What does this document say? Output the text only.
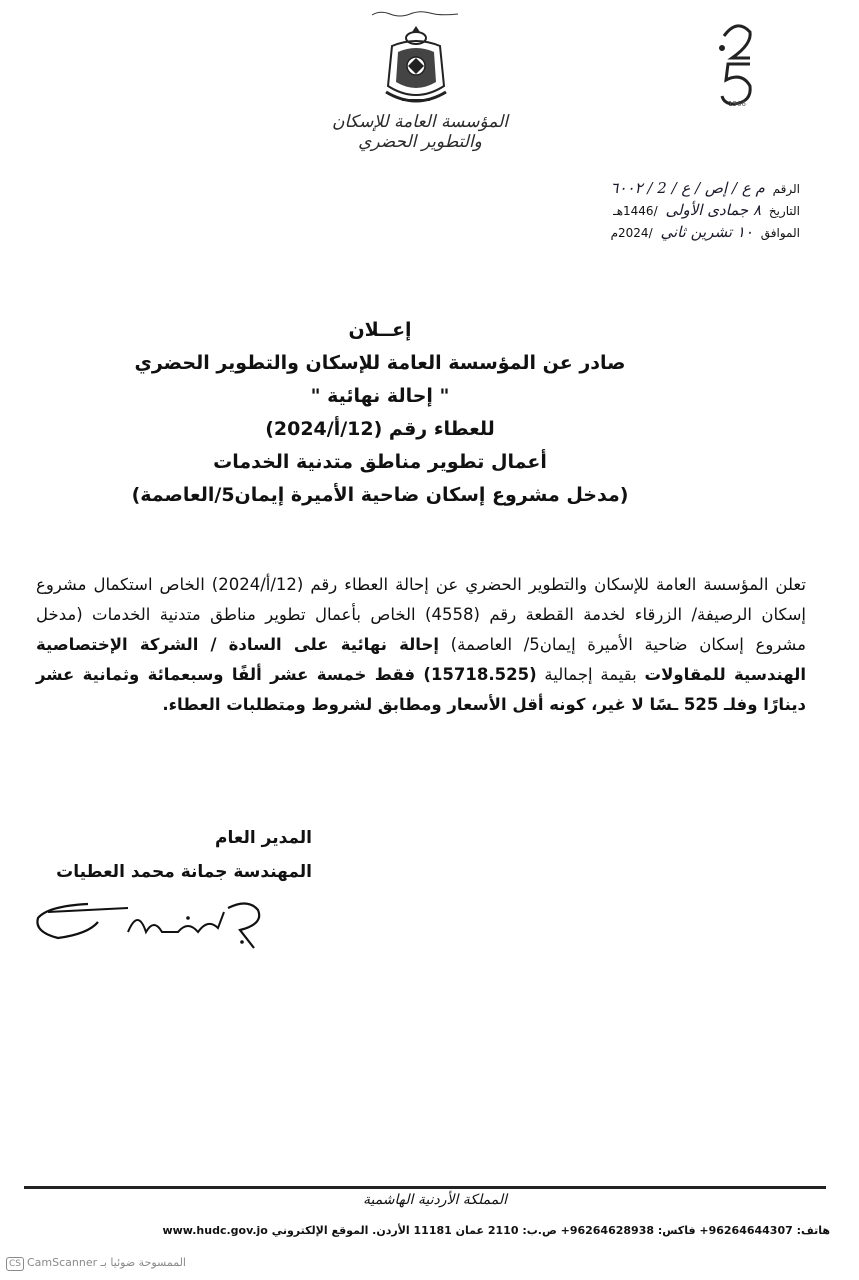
المؤسسة العامة للإسكان والتطوير الحضري
1966
الرقم م ع / إص / ع / 2 / ٦٠٠٢
التاريخ ٨ جمادى الأولى /1446هـ
الموافق ١٠ تشرين ثاني /2024م
إعــلان
صادر عن المؤسسة العامة للإسكان والتطوير الحضري
" إحالة نهائية "
للعطاء رقم (12/أ/2024)
أعمال تطوير مناطق متدنية الخدمات
(مدخل مشروع إسكان ضاحية الأميرة إيمان5/العاصمة)
تعلن المؤسسة العامة للإسكان والتطوير الحضري عن إحالة العطاء رقم (12/أ/2024) الخاص استكمال مشروع إسكان الرصيفة/ الزرقاء لخدمة القطعة رقم (4558) الخاص بأعمال تطوير مناطق متدنية الخدمات (مدخل مشروع إسكان ضاحية الأميرة إيمان5/ العاصمة) إحالة نهائية على السادة / الشركة الإختصاصية الهندسية للمقاولات بقيمة إجمالية (15718.525) فقط خمسة عشر ألفًا وسبعمائة وثمانية عشر دينارًا وفلـ 525 ـسًا لا غير، كونه أقل الأسعار ومطابق لشروط ومتطلبات العطاء.
المدير العام
المهندسة جمانة محمد العطيات
المملكة الأردنية الهاشمية
هاتف: 96264644307+ فاكس: 96264628938+ ص.ب: 2110 عمان 11181 الأردن. الموقع الإلكتروني www.hudc.gov.jo
CS CamScanner الممسوحة ضوئيا بـ
